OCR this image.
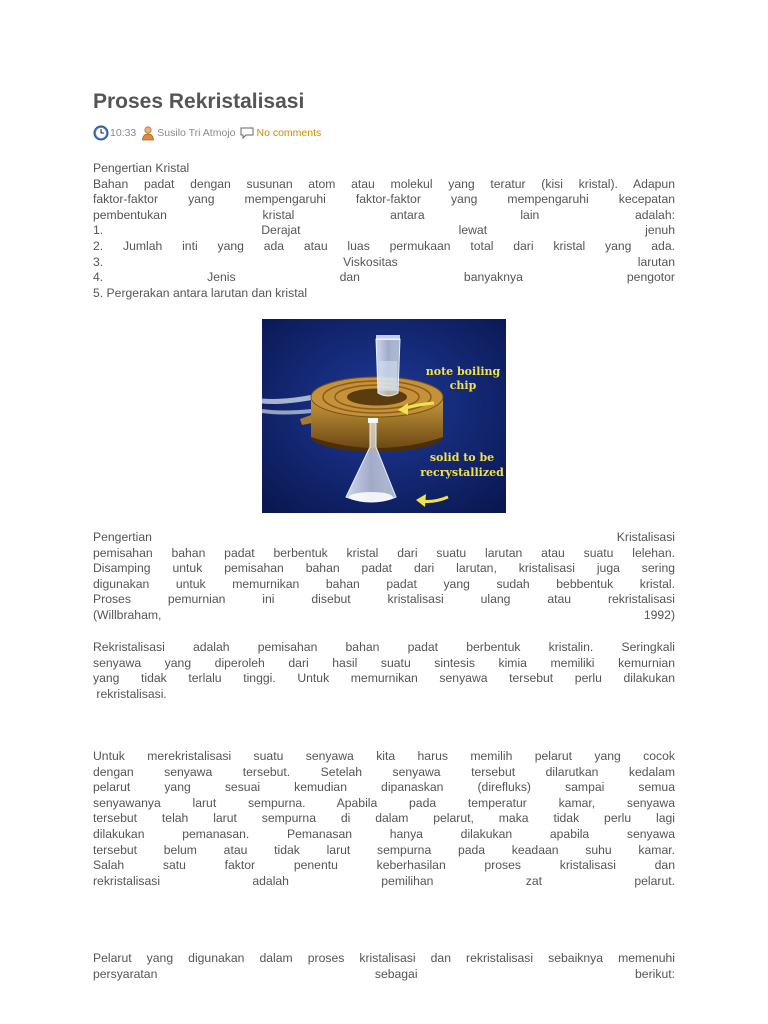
Proses Rekristalisasi
10:33 Susilo Tri Atmojo No comments
Pengertian Kristal
Bahan padat dengan susunan atom atau molekul yang teratur (kisi kristal). Adapun
faktor-faktor yang mempengaruhi faktor-faktor yang mempengaruhi kecepatan
pembentukan kristal antara lain adalah:
1. Derajat lewat jenuh
2. Jumlah inti yang ada atau luas permukaan total dari kristal yang ada.
3. Viskositas larutan
4. Jenis dan banyaknya pengotor
5. Pergerakan antara larutan dan kristal
note boiling
chip
solid to be
recrystallized
Pengertian Kristalisasi
pemisahan bahan padat berbentuk kristal dari suatu larutan atau suatu lelehan.
Disamping untuk pemisahan bahan padat dari larutan, kristalisasi juga sering
digunakan untuk memurnikan bahan padat yang sudah bebbentuk kristal.
Proses pemurnian ini disebut kristalisasi ulang atau rekristalisasi
(Willbraham, 1992)
Rekristalisasi adalah pemisahan bahan padat berbentuk kristalin. Seringkali
senyawa yang diperoleh dari hasil suatu sintesis kimia memiliki kemurnian
yang tidak terlalu tinggi. Untuk memurnikan senyawa tersebut perlu dilakukan
rekristalisasi.
Untuk merekristalisasi suatu senyawa kita harus memilih pelarut yang cocok
dengan senyawa tersebut. Setelah senyawa tersebut dilarutkan kedalam
pelarut yang sesuai kemudian dipanaskan (direfluks) sampai semua
senyawanya larut sempurna. Apabila pada temperatur kamar, senyawa
tersebut telah larut sempurna di dalam pelarut, maka tidak perlu lagi
dilakukan pemanasan. Pemanasan hanya dilakukan apabila senyawa
tersebut belum atau tidak larut sempurna pada keadaan suhu kamar.
Salah satu faktor penentu keberhasilan proses kristalisasi dan
rekristalisasi adalah pemilihan zat pelarut.
Pelarut yang digunakan dalam proses kristalisasi dan rekristalisasi sebaiknya memenuhi
persyaratan sebagai berikut:
